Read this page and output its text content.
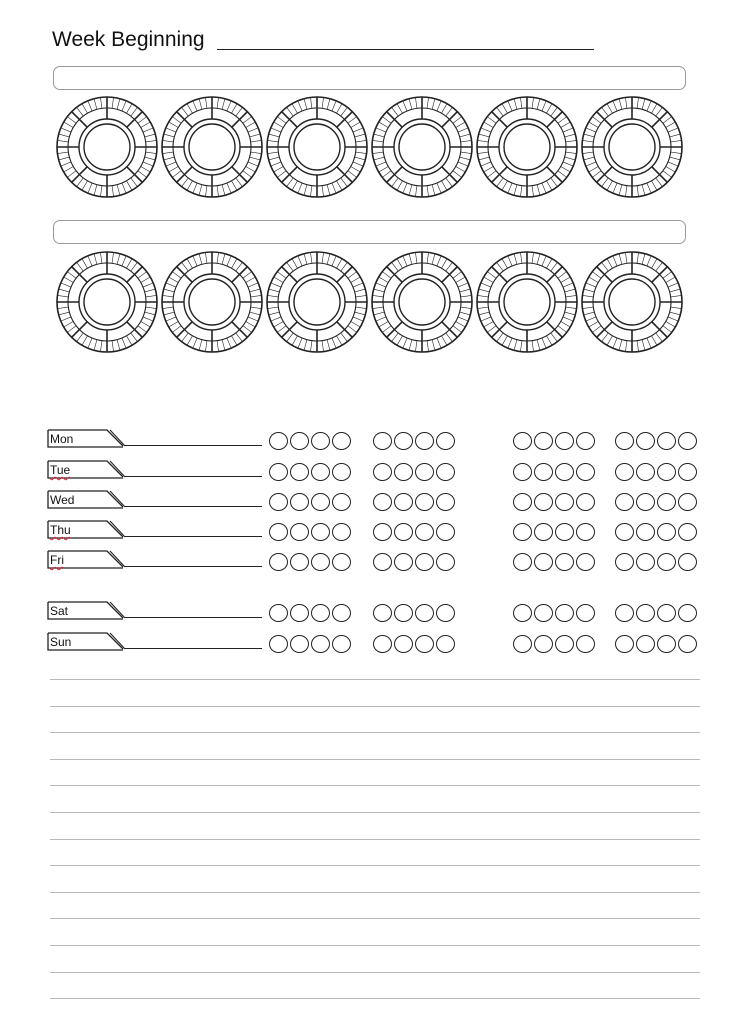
Week Beginning
Mon
Tue
Wed
Thu
Fri
Sat
Sun
